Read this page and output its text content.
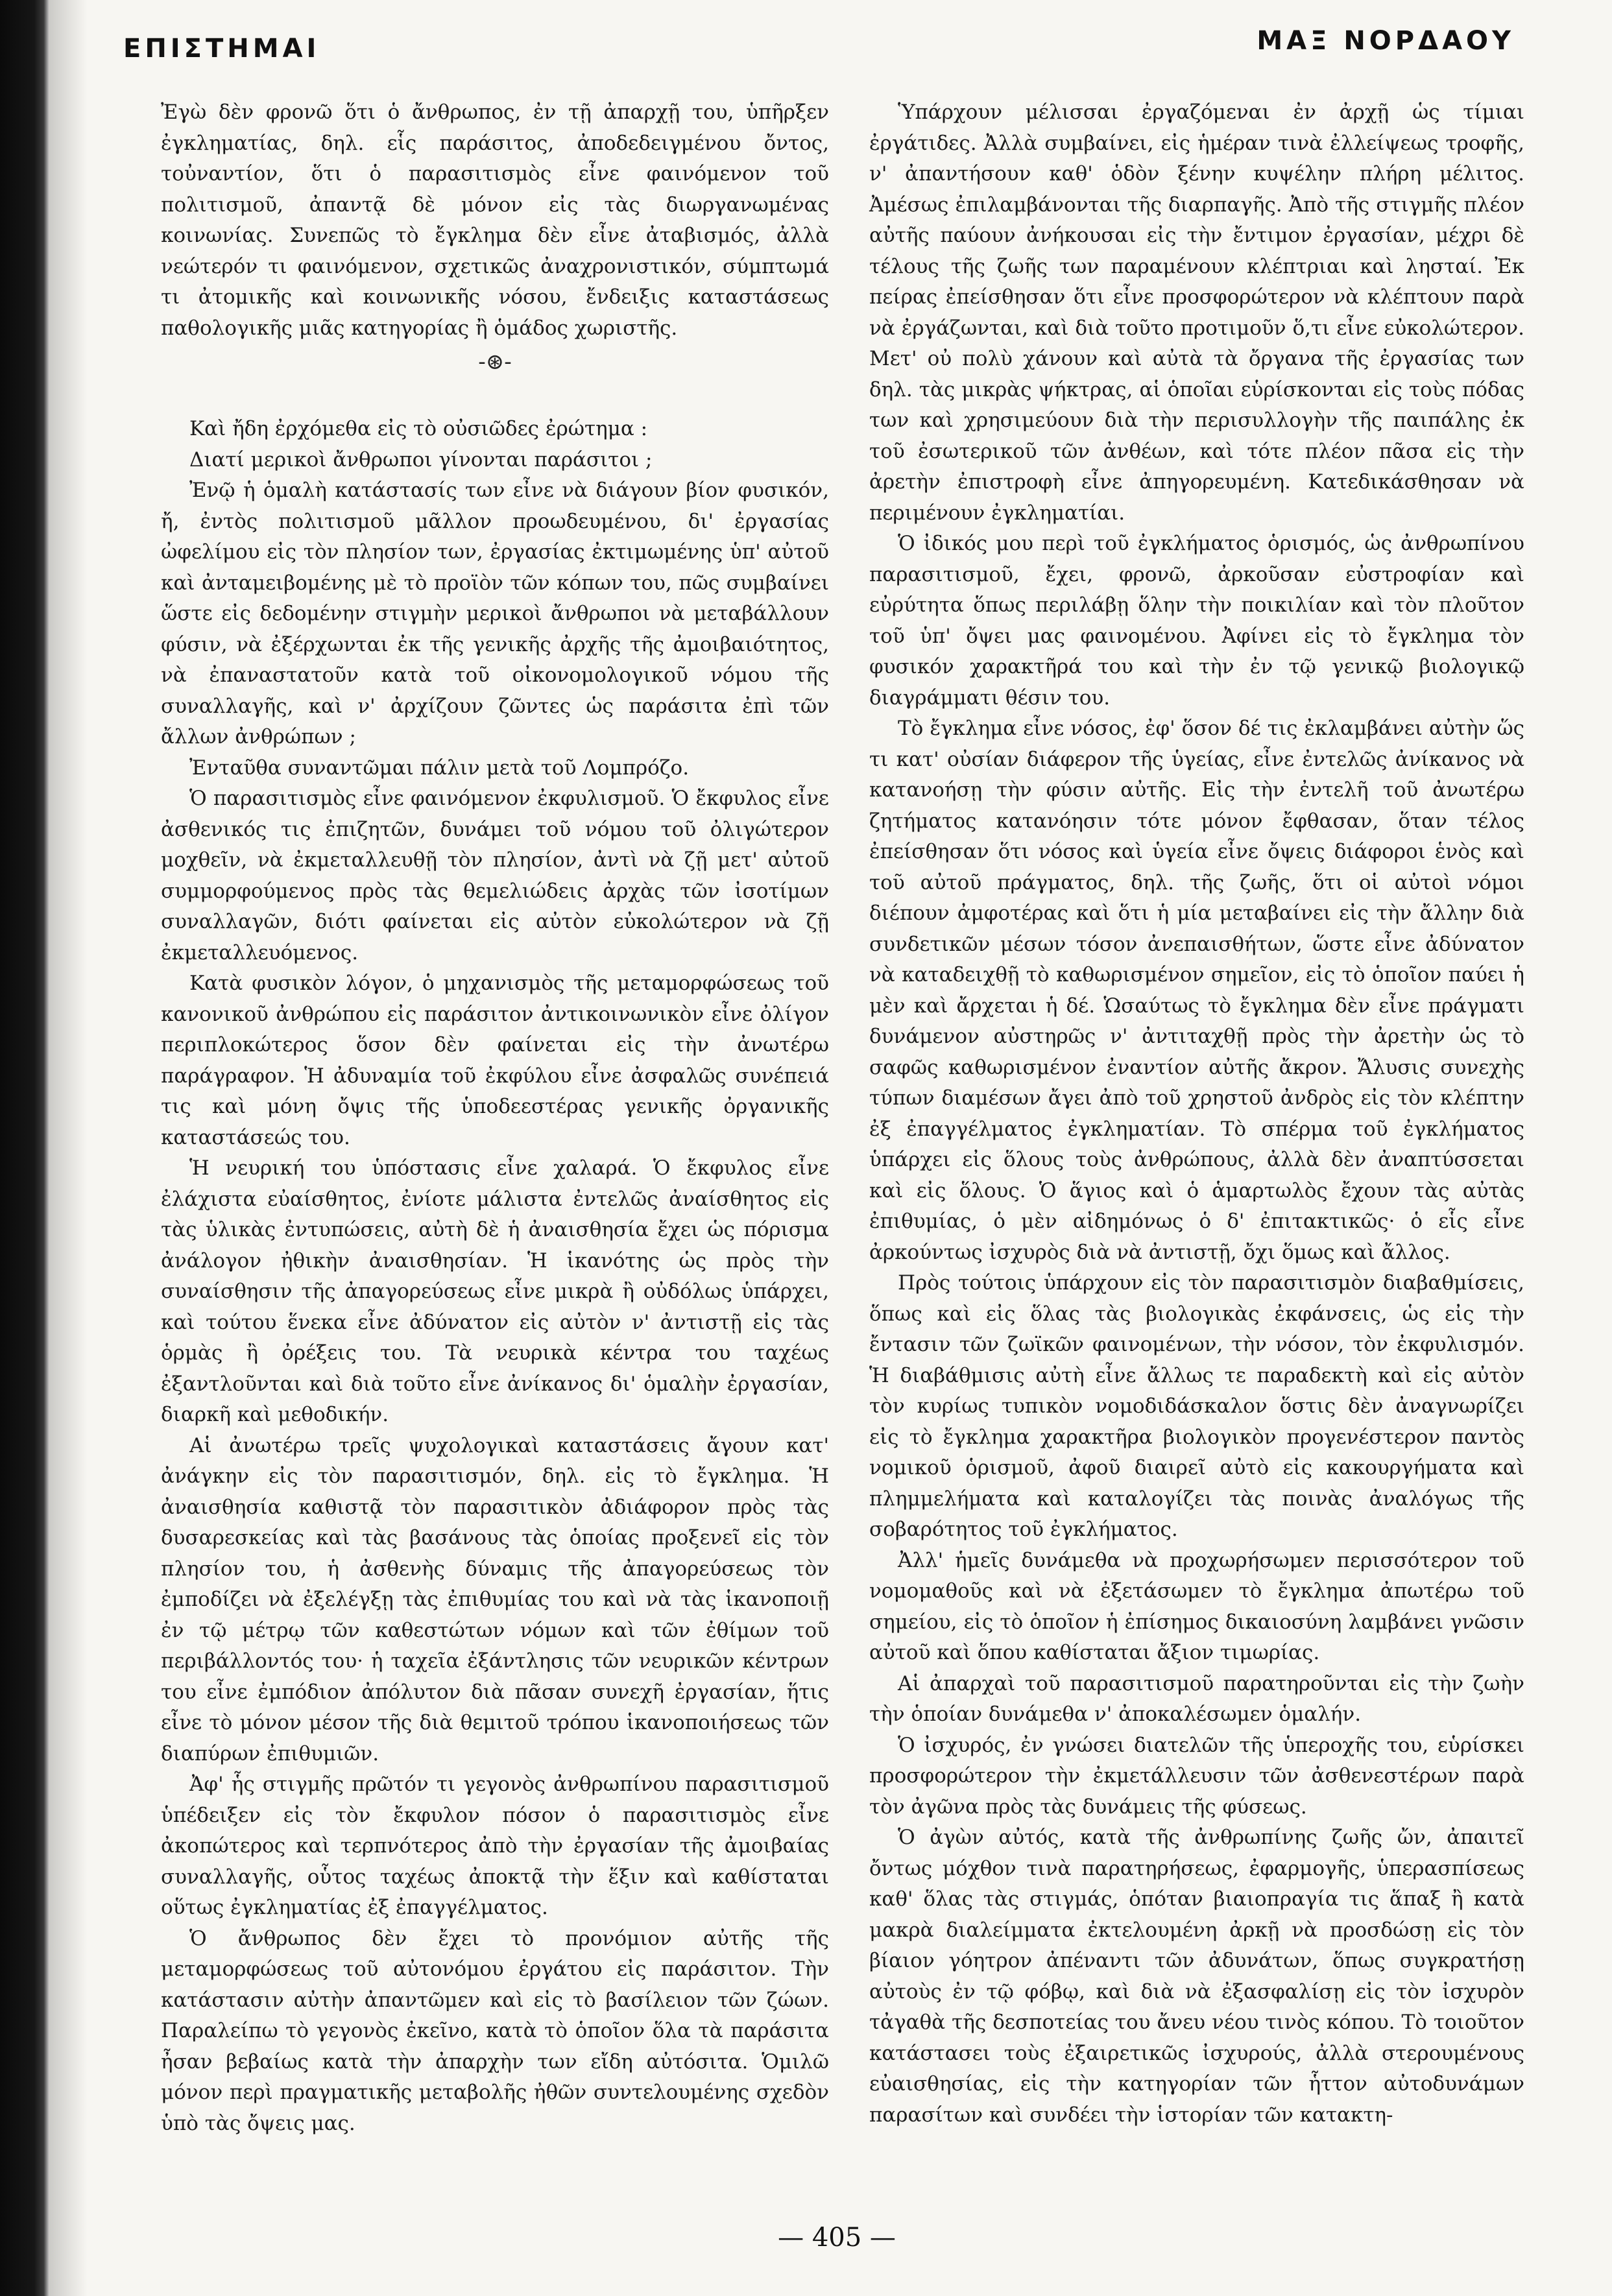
ΕΠΙΣΤΗΜΑΙ	ΜΑΞ ΝΟΡΔΑΟΥ

Ἐγὼ δὲν φρονῶ ὅτι ὁ ἄνθρωπος, ἐν τῇ ἀπαρχῇ του, ὑπῆρξεν ἐγκληματίας, δηλ. εἷς παράσιτος, ἀποδεδειγμένου ὄντος, τοὐναντίον, ὅτι ὁ παρασιτισμὸς εἶνε φαινόμενον τοῦ πολιτισμοῦ, ἀπαντᾷ δὲ μόνον εἰς τὰς διωργανωμένας κοινωνίας. Συνεπῶς τὸ ἔγκλημα δὲν εἶνε ἀταβισμός, ἀλλὰ νεώτερόν τι φαινόμενον, σχετικῶς ἀναχρονιστικόν, σύμπτωμά τι ἀτομικῆς καὶ κοινωνικῆς νόσου, ἔνδειξις καταστάσεως παθολογικῆς μιᾶς κατηγορίας ἢ ὁμάδος χωριστῆς.

-⊛-

Καὶ ἤδη ἐρχόμεθα εἰς τὸ οὐσιῶδες ἐρώτημα :

Διατί μερικοὶ ἄνθρωποι γίνονται παράσιτοι ;

Ἐνῷ ἡ ὁμαλὴ κατάστασίς των εἶνε νὰ διάγουν βίον φυσικόν, ἤ, ἐντὸς πολιτισμοῦ μᾶλλον προωδευμένου, δι' ἐργασίας ὠφελίμου εἰς τὸν πλησίον των, ἐργασίας ἐκτιμωμένης ὑπ' αὐτοῦ καὶ ἀνταμειβομένης μὲ τὸ προϊὸν τῶν κόπων του, πῶς συμβαίνει ὥστε εἰς δεδομένην στιγμὴν μερικοὶ ἄνθρωποι νὰ μεταβάλλουν φύσιν, νὰ ἐξέρχωνται ἐκ τῆς γενικῆς ἀρχῆς τῆς ἀμοιβαιότητος, νὰ ἐπαναστατοῦν κατὰ τοῦ οἰκονομολογικοῦ νόμου τῆς συναλλαγῆς, καὶ ν' ἀρχίζουν ζῶντες ὡς παράσιτα ἐπὶ τῶν ἄλλων ἀνθρώπων ;

Ἐνταῦθα συναντῶμαι πάλιν μετὰ τοῦ Λομπρόζο.

Ὁ παρασιτισμὸς εἶνε φαινόμενον ἐκφυλισμοῦ. Ὁ ἔκφυλος εἶνε ἀσθενικός τις ἐπιζητῶν, δυνάμει τοῦ νόμου τοῦ ὀλιγώτερον μοχθεῖν, νὰ ἐκμεταλλευθῇ τὸν πλησίον, ἀντὶ νὰ ζῇ μετ' αὐτοῦ συμμορφούμενος πρὸς τὰς θεμελιώδεις ἀρχὰς τῶν ἰσοτίμων συναλλαγῶν, διότι φαίνεται εἰς αὐτὸν εὐκολώτερον νὰ ζῇ ἐκμεταλλευόμενος.

Κατὰ φυσικὸν λόγον, ὁ μηχανισμὸς τῆς μεταμορφώσεως τοῦ κανονικοῦ ἀνθρώπου εἰς παράσιτον ἀντικοινωνικὸν εἶνε ὀλίγον περιπλοκώτερος ὅσον δὲν φαίνεται εἰς τὴν ἀνωτέρω παράγραφον. Ἡ ἀδυναμία τοῦ ἐκφύλου εἶνε ἀσφαλῶς συνέπειά τις καὶ μόνη ὄψις τῆς ὑποδεεστέρας γενικῆς ὀργανικῆς καταστάσεώς του.

Ἡ νευρική του ὑπόστασις εἶνε χαλαρά. Ὁ ἔκφυλος εἶνε ἐλάχιστα εὐαίσθητος, ἐνίοτε μάλιστα ἐντελῶς ἀναίσθητος εἰς τὰς ὑλικὰς ἐντυπώσεις, αὐτὴ δὲ ἡ ἀναισθησία ἔχει ὡς πόρισμα ἀνάλογον ἠθικὴν ἀναισθησίαν. Ἡ ἱκανότης ὡς πρὸς τὴν συναίσθησιν τῆς ἀπαγορεύσεως εἶνε μικρὰ ἢ οὐδόλως ὑπάρχει, καὶ τούτου ἕνεκα εἶνε ἀδύνατον εἰς αὐτὸν ν' ἀντιστῇ εἰς τὰς ὁρμὰς ἢ ὀρέξεις του. Τὰ νευρικὰ κέντρα του ταχέως ἐξαντλοῦνται καὶ διὰ τοῦτο εἶνε ἀνίκανος δι' ὁμαλὴν ἐργασίαν, διαρκῆ καὶ μεθοδικήν.

Αἱ ἀνωτέρω τρεῖς ψυχολογικαὶ καταστάσεις ἄγουν κατ' ἀνάγκην εἰς τὸν παρασιτισμόν, δηλ. εἰς τὸ ἔγκλημα. Ἡ ἀναισθησία καθιστᾷ τὸν παρασιτικὸν ἀδιάφορον πρὸς τὰς δυσαρεσκείας καὶ τὰς βασάνους τὰς ὁποίας προξενεῖ εἰς τὸν πλησίον του, ἡ ἀσθενὴς δύναμις τῆς ἀπαγορεύσεως τὸν ἐμποδίζει νὰ ἐξελέγξῃ τὰς ἐπιθυμίας του καὶ νὰ τὰς ἱκανοποιῇ ἐν τῷ μέτρῳ τῶν καθεστώτων νόμων καὶ τῶν ἐθίμων τοῦ περιβάλλοντός του· ἡ ταχεῖα ἐξάντλησις τῶν νευρικῶν κέντρων του εἶνε ἐμπόδιον ἀπόλυτον διὰ πᾶσαν συνεχῆ ἐργασίαν, ἥτις εἶνε τὸ μόνον μέσον τῆς διὰ θεμιτοῦ τρόπου ἱκανοποιήσεως τῶν διαπύρων ἐπιθυμιῶν.

Ἀφ' ἧς στιγμῆς πρῶτόν τι γεγονὸς ἀνθρωπίνου παρασιτισμοῦ ὑπέδειξεν εἰς τὸν ἔκφυλον πόσον ὁ παρασιτισμὸς εἶνε ἀκοπώτερος καὶ τερπνότερος ἀπὸ τὴν ἐργασίαν τῆς ἀμοιβαίας συναλλαγῆς, οὗτος ταχέως ἀποκτᾷ τὴν ἕξιν καὶ καθίσταται οὕτως ἐγκληματίας ἐξ ἐπαγγέλματος.

Ὁ ἄνθρωπος δὲν ἔχει τὸ προνόμιον αὐτῆς τῆς μεταμορφώσεως τοῦ αὐτονόμου ἐργάτου εἰς παράσιτον. Τὴν κατάστασιν αὐτὴν ἀπαντῶμεν καὶ εἰς τὸ βασίλειον τῶν ζώων. Παραλείπω τὸ γεγονὸς ἐκεῖνο, κατὰ τὸ ὁποῖον ὅλα τὰ παράσιτα ἦσαν βεβαίως κατὰ τὴν ἀπαρχὴν των εἴδη αὐτόσιτα. Ὁμιλῶ μόνον περὶ πραγματικῆς μεταβολῆς ἠθῶν συντελουμένης σχεδὸν ὑπὸ τὰς ὄψεις μας.

Ὑπάρχουν μέλισσαι ἐργαζόμεναι ἐν ἀρχῇ ὡς τίμιαι ἐργάτιδες. Ἀλλὰ συμβαίνει, εἰς ἡμέραν τινὰ ἐλλείψεως τροφῆς, ν' ἀπαντήσουν καθ' ὁδὸν ξένην κυψέλην πλήρη μέλιτος. Ἀμέσως ἐπιλαμβάνονται τῆς διαρπαγῆς. Ἀπὸ τῆς στιγμῆς πλέον αὐτῆς παύουν ἀνήκουσαι εἰς τὴν ἔντιμον ἐργασίαν, μέχρι δὲ τέλους τῆς ζωῆς των παραμένουν κλέπτριαι καὶ λησταί. Ἐκ πείρας ἐπείσθησαν ὅτι εἶνε προσφορώτερον νὰ κλέπτουν παρὰ νὰ ἐργάζωνται, καὶ διὰ τοῦτο προτιμοῦν ὅ,τι εἶνε εὐκολώτερον. Μετ' οὐ πολὺ χάνουν καὶ αὐτὰ τὰ ὄργανα τῆς ἐργασίας των δηλ. τὰς μικρὰς ψήκτρας, αἱ ὁποῖαι εὑρίσκονται εἰς τοὺς πόδας των καὶ χρησιμεύουν διὰ τὴν περισυλλογὴν τῆς παιπάλης ἐκ τοῦ ἐσωτερικοῦ τῶν ἀνθέων, καὶ τότε πλέον πᾶσα εἰς τὴν ἀρετὴν ἐπιστροφὴ εἶνε ἀπηγορευμένη. Κατεδικάσθησαν νὰ περιμένουν ἐγκληματίαι.

Ὁ ἰδικός μου περὶ τοῦ ἐγκλήματος ὁρισμός, ὡς ἀνθρωπίνου παρασιτισμοῦ, ἔχει, φρονῶ, ἀρκοῦσαν εὐστροφίαν καὶ εὐρύτητα ὅπως περιλάβῃ ὅλην τὴν ποικιλίαν καὶ τὸν πλοῦτον τοῦ ὑπ' ὄψει μας φαινομένου. Ἀφίνει εἰς τὸ ἔγκλημα τὸν φυσικόν χαρακτῆρά του καὶ τὴν ἐν τῷ γενικῷ βιολογικῷ διαγράμματι θέσιν του.

Τὸ ἔγκλημα εἶνε νόσος, ἐφ' ὅσον δέ τις ἐκλαμβάνει αὐτὴν ὥς τι κατ' οὐσίαν διάφερον τῆς ὑγείας, εἶνε ἐντελῶς ἀνίκανος νὰ κατανοήσῃ τὴν φύσιν αὐτῆς. Εἰς τὴν ἐντελῆ τοῦ ἀνωτέρω ζητήματος κατανόησιν τότε μόνον ἔφθασαν, ὅταν τέλος ἐπείσθησαν ὅτι νόσος καὶ ὑγεία εἶνε ὄψεις διάφοροι ἑνὸς καὶ τοῦ αὐτοῦ πράγματος, δηλ. τῆς ζωῆς, ὅτι οἱ αὐτοὶ νόμοι διέπουν ἀμφοτέρας καὶ ὅτι ἡ μία μεταβαίνει εἰς τὴν ἄλλην διὰ συνδετικῶν μέσων τόσον ἀνεπαισθήτων, ὥστε εἶνε ἀδύνατον νὰ καταδειχθῇ τὸ καθωρισμένον σημεῖον, εἰς τὸ ὁποῖον παύει ἡ μὲν καὶ ἄρχεται ἡ δέ. Ὡσαύτως τὸ ἔγκλημα δὲν εἶνε πράγματι δυνάμενον αὐστηρῶς ν' ἀντιταχθῇ πρὸς τὴν ἀρετὴν ὡς τὸ σαφῶς καθωρισμένον ἐναντίον αὐτῆς ἄκρον. Ἄλυσις συνεχὴς τύπων διαμέσων ἄγει ἀπὸ τοῦ χρηστοῦ ἀνδρὸς εἰς τὸν κλέπτην ἐξ ἐπαγγέλματος ἐγκληματίαν. Τὸ σπέρμα τοῦ ἐγκλήματος ὑπάρχει εἰς ὅλους τοὺς ἀνθρώπους, ἀλλὰ δὲν ἀναπτύσσεται καὶ εἰς ὅλους. Ὁ ἅγιος καὶ ὁ ἁμαρτωλὸς ἔχουν τὰς αὐτὰς ἐπιθυμίας, ὁ μὲν αἰδημόνως ὁ δ' ἐπιτακτικῶς· ὁ εἷς εἶνε ἀρκούντως ἰσχυρὸς διὰ νὰ ἀντιστῇ, ὄχι ὅμως καὶ ἄλλος.

Πρὸς τούτοις ὑπάρχουν εἰς τὸν παρασιτισμὸν διαβαθμίσεις, ὅπως καὶ εἰς ὅλας τὰς βιολογικὰς ἐκφάνσεις, ὡς εἰς τὴν ἔντασιν τῶν ζωϊκῶν φαινομένων, τὴν νόσον, τὸν ἐκφυλισμόν. Ἡ διαβάθμισις αὐτὴ εἶνε ἄλλως τε παραδεκτὴ καὶ εἰς αὐτὸν τὸν κυρίως τυπικὸν νομοδιδάσκαλον ὅστις δὲν ἀναγνωρίζει εἰς τὸ ἔγκλημα χαρακτῆρα βιολογικὸν προγενέστερον παντὸς νομικοῦ ὁρισμοῦ, ἀφοῦ διαιρεῖ αὐτὸ εἰς κακουργήματα καὶ πλημμελήματα καὶ καταλογίζει τὰς ποινὰς ἀναλόγως τῆς σοβαρότητος τοῦ ἐγκλήματος.

Ἀλλ' ἡμεῖς δυνάμεθα νὰ προχωρήσωμεν περισσότερον τοῦ νομομαθοῦς καὶ νὰ ἐξετάσωμεν τὸ ἔγκλημα ἀπωτέρω τοῦ σημείου, εἰς τὸ ὁποῖον ἡ ἐπίσημος δικαιοσύνη λαμβάνει γνῶσιν αὐτοῦ καὶ ὅπου καθίσταται ἄξιον τιμωρίας.

Αἱ ἀπαρχαὶ τοῦ παρασιτισμοῦ παρατηροῦνται εἰς τὴν ζωὴν τὴν ὁποίαν δυνάμεθα ν' ἀποκαλέσωμεν ὁμαλήν.

Ὁ ἰσχυρός, ἐν γνώσει διατελῶν τῆς ὑπεροχῆς του, εὑρίσκει προσφορώτερον τὴν ἐκμετάλλευσιν τῶν ἀσθενεστέρων παρὰ τὸν ἀγῶνα πρὸς τὰς δυνάμεις τῆς φύσεως.

Ὁ ἀγὼν αὐτός, κατὰ τῆς ἀνθρωπίνης ζωῆς ὤν, ἀπαιτεῖ ὄντως μόχθον τινὰ παρατηρήσεως, ἐφαρμογῆς, ὑπερασπίσεως καθ' ὅλας τὰς στιγμάς, ὁπόταν βιαιοπραγία τις ἅπαξ ἢ κατὰ μακρὰ διαλείμματα ἐκτελουμένη ἀρκῇ νὰ προσδώσῃ εἰς τὸν βίαιον γόητρον ἀπέναντι τῶν ἀδυνάτων, ὅπως συγκρατήσῃ αὐτοὺς ἐν τῷ φόβῳ, καὶ διὰ νὰ ἐξασφαλίσῃ εἰς τὸν ἰσχυρὸν τἀγαθὰ τῆς δεσποτείας του ἄνευ νέου τινὸς κόπου. Τὸ τοιοῦτον κατάστασει τοὺς ἐξαιρετικῶς ἰσχυρούς, ἀλλὰ στερουμένους εὐαισθησίας, εἰς τὴν κατηγορίαν τῶν ἧττον αὐτοδυνάμων παρασίτων καὶ συνδέει τὴν ἱστορίαν τῶν κατακτη-

— 405 —
